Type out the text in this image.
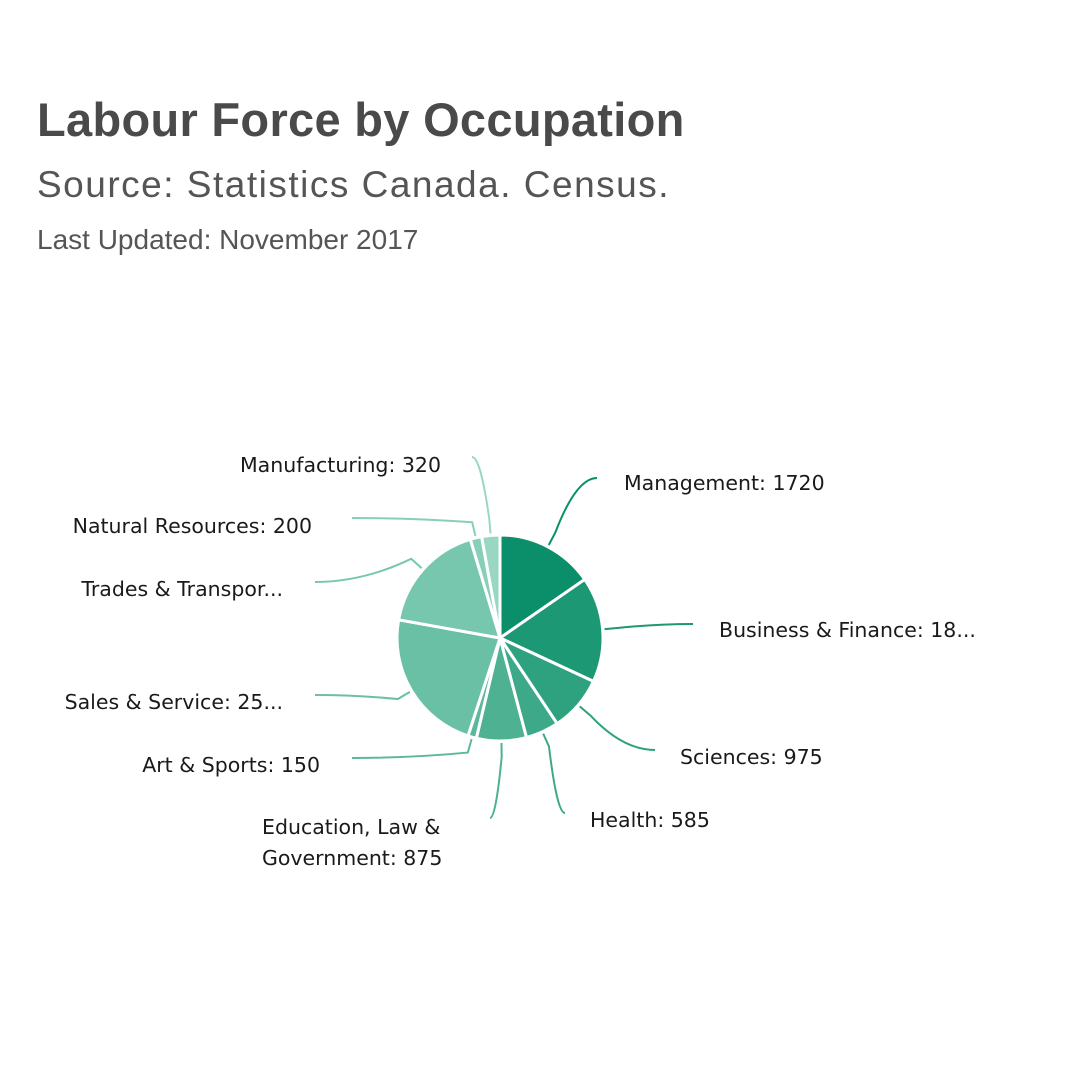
Labour Force by Occupation

Source: Statistics Canada. Census.

Last Updated: November 2017

Management: 1720
Business & Finance: 18...
Sciences: 975
Health: 585
Education, Law & Government: 875
Art & Sports: 150
Sales & Service: 25...
Trades & Transpor...
Natural Resources: 200
Manufacturing: 320
